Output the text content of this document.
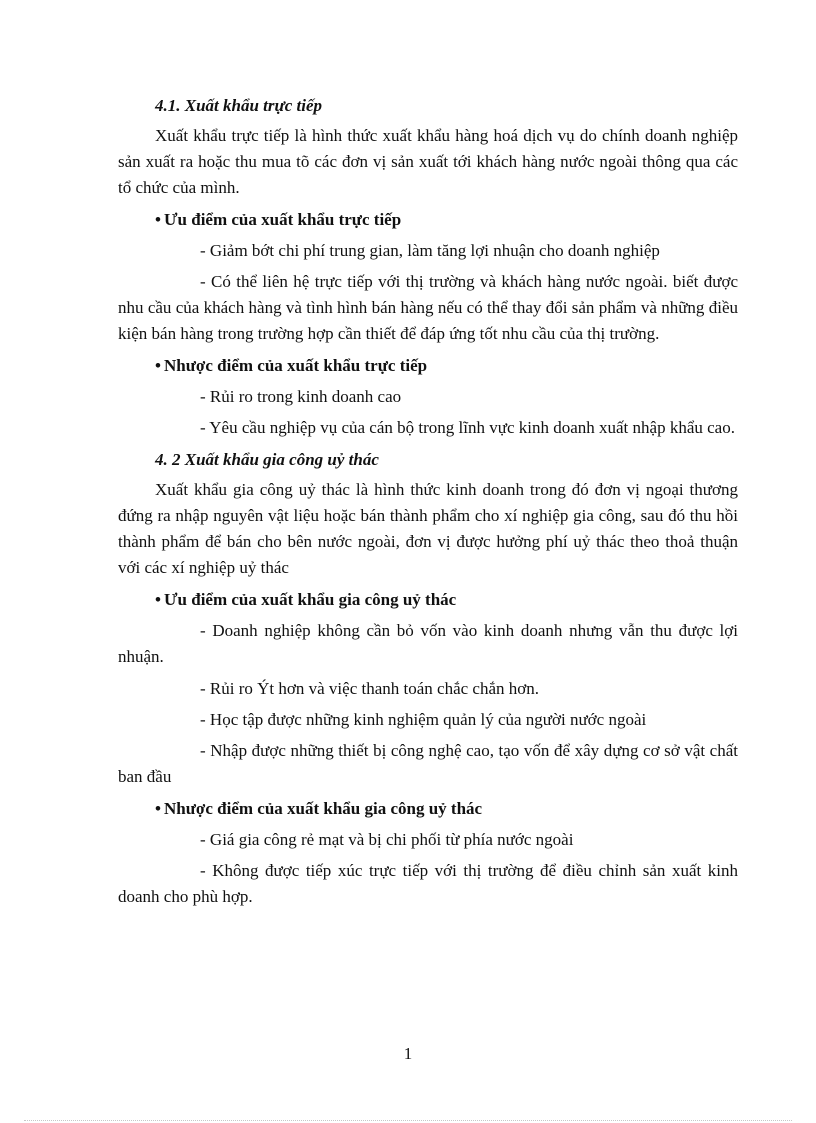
4.1. Xuất khẩu trực tiếp

Xuất khẩu trực tiếp là hình thức xuất khẩu hàng hoá dịch vụ do chính doanh nghiệp sản xuất ra hoặc thu mua tõ các đơn vị sản xuất tới khách hàng nước ngoài thông qua các tổ chức của mình.

• Ưu điểm của xuất khẩu trực tiếp

- Giảm bớt chi phí trung gian, làm tăng lợi nhuận cho doanh nghiệp

- Có thể liên hệ trực tiếp với thị trường và khách hàng nước ngoài. biết được nhu cầu của khách hàng và tình hình bán hàng nếu có thể thay đổi sản phẩm và những điều kiện bán hàng trong trường hợp cần thiết để đáp ứng tốt nhu cầu của thị trường.

• Nhược điểm của xuất khẩu trực tiếp

- Rủi ro trong kinh doanh cao

- Yêu cầu nghiệp vụ của cán bộ trong lĩnh vực kinh doanh xuất nhập khẩu cao.

4. 2 Xuất khẩu gia công uỷ thác

Xuất khẩu gia công uỷ thác là hình thức kinh doanh trong đó đơn vị ngoại thương đứng ra nhập nguyên vật liệu hoặc bán thành phẩm cho xí nghiệp gia công, sau đó thu hồi thành phẩm để bán cho bên nước ngoài, đơn vị được hưởng phí uỷ thác theo thoả thuận với các xí nghiệp uỷ thác

• Ưu điểm của xuất khẩu gia công uỷ thác

- Doanh nghiệp không cần bỏ vốn vào kinh doanh nhưng vẫn thu được lợi nhuận.

- Rủi ro Ýt hơn và việc thanh toán chắc chắn hơn.

- Học tập được những kinh nghiệm quản lý của người nước ngoài

- Nhập được những thiết bị công nghệ cao, tạo vốn để xây dựng cơ sở vật chất ban đầu

• Nhược điểm của xuất khẩu gia công uỷ thác

- Giá gia công rẻ mạt và bị chi phối từ phía nước ngoài

- Không được tiếp xúc trực tiếp với thị trường để điều chỉnh sản xuất kinh doanh cho phù hợp.

1
